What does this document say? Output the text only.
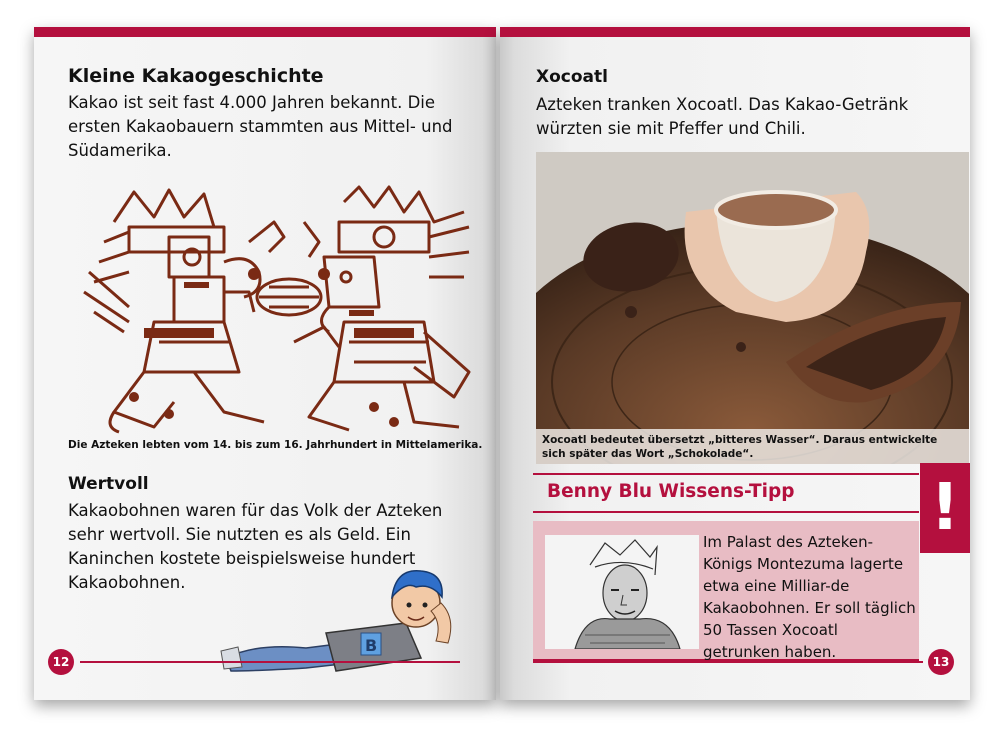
Kleine Kakaogeschichte
Kakao ist seit fast 4.000 Jahren bekannt. Die ersten Kakaobauern stammten aus Mittel- und Südamerika.
Die Azteken lebten vom 14. bis zum 16. Jahrhundert in Mittelamerika.
Wertvoll
Kakaobohnen waren für das Volk der Azteken sehr wertvoll. Sie nutzten es als Geld. Ein Kaninchen kostete beispielsweise hundert Kakaobohnen.
B
12
Xocoatl
Azteken tranken Xocoatl. Das Kakao-Getränk würzten sie mit Pfeffer und Chili.
Xocoatl bedeutet übersetzt „bitteres Wasser“. Daraus entwickelte sich später das Wort „Schokolade“.
Benny Blu Wissens-Tipp
Im Palast des Azteken-Königs Montezuma lagerte etwa eine Milliar-de Kakaobohnen. Er soll täglich 50 Tassen Xocoatl getrunken haben.
!
13
